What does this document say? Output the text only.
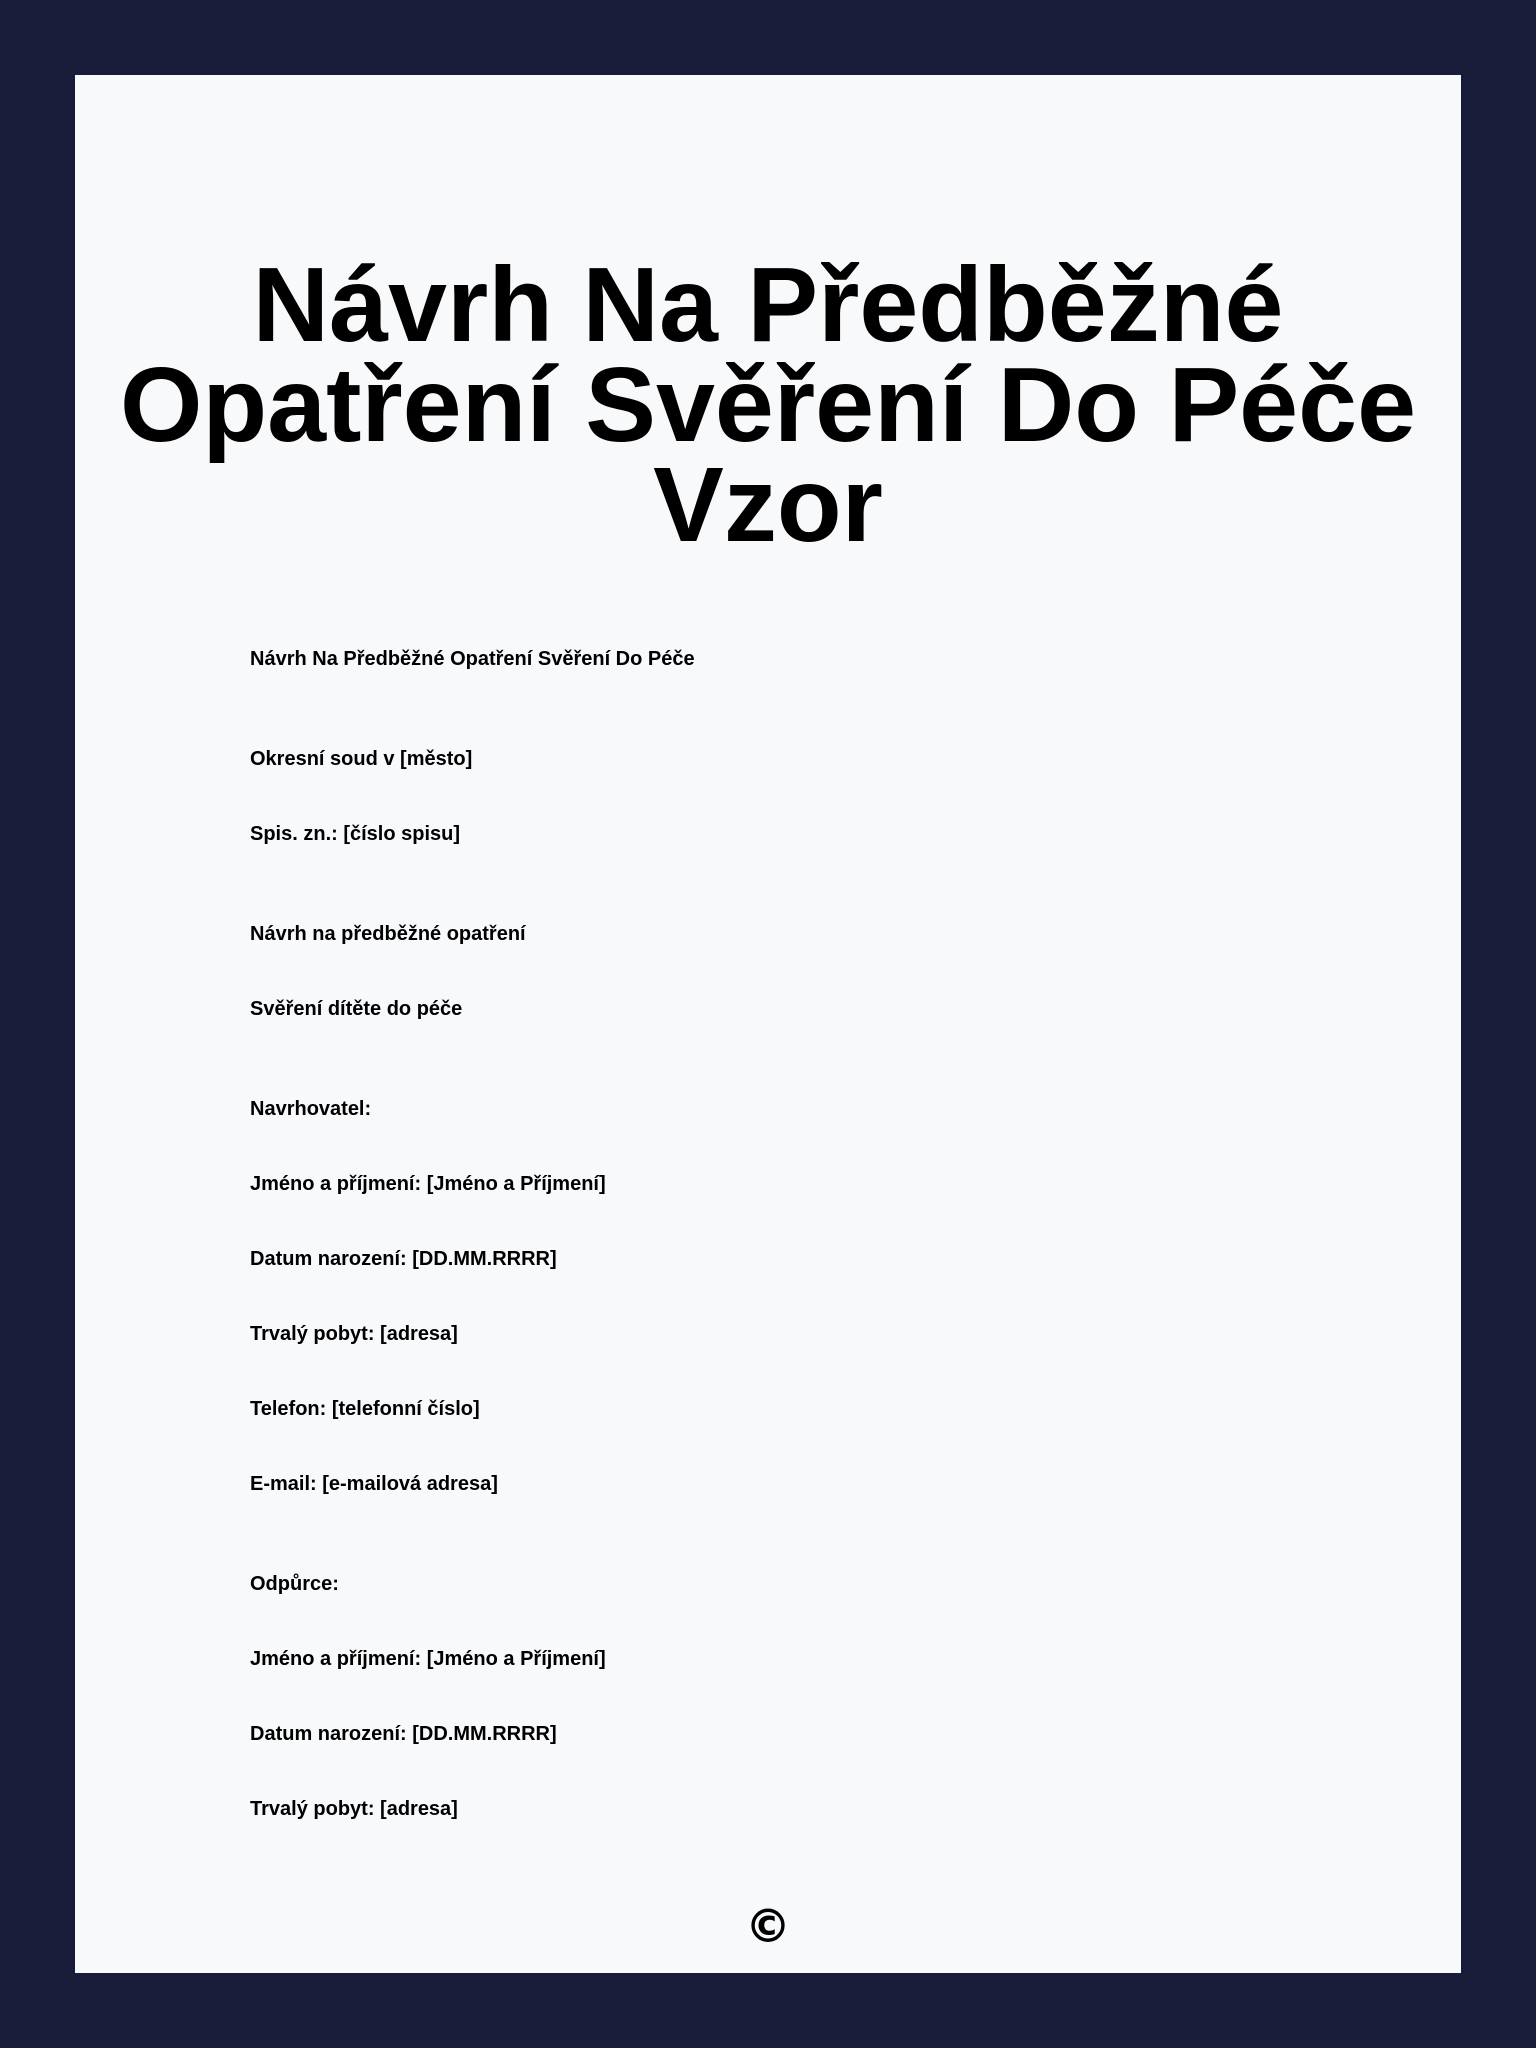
Návrh Na Předběžné Opatření Svěření Do Péče Vzor

Návrh Na Předběžné Opatření Svěření Do Péče

Okresní soud v [město]

Spis. zn.: [číslo spisu]

Návrh na předběžné opatření

Svěření dítěte do péče

Navrhovatel:

Jméno a příjmení: [Jméno a Příjmení]

Datum narození: [DD.MM.RRRR]

Trvalý pobyt: [adresa]

Telefon: [telefonní číslo]

E-mail: [e-mailová adresa]

Odpůrce:

Jméno a příjmení: [Jméno a Příjmení]

Datum narození: [DD.MM.RRRR]

Trvalý pobyt: [adresa]

©
